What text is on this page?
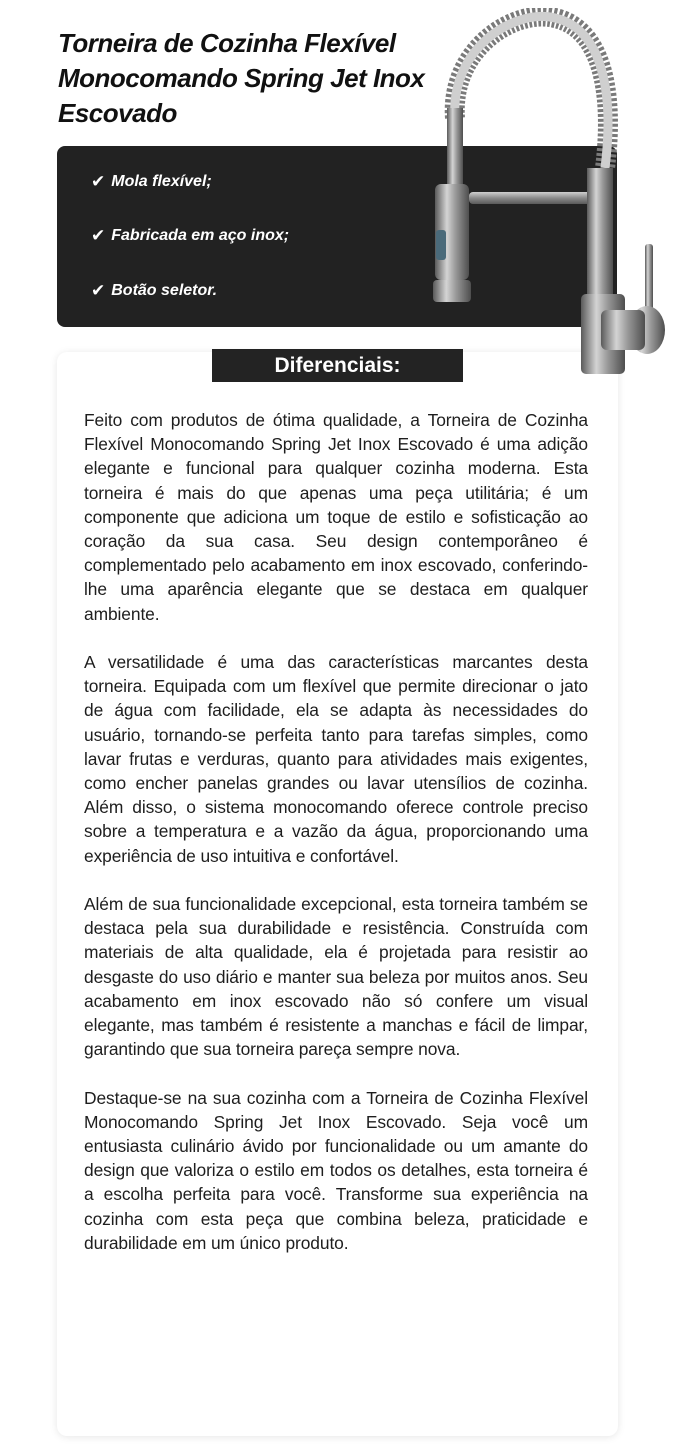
Torneira de Cozinha Flexível Monocomando Spring Jet Inox Escovado
✔ Mola flexível;
✔ Fabricada em aço inox;
✔ Botão seletor.
Diferenciais:

Feito com produtos de ótima qualidade, a Torneira de Cozinha Flexível Monocomando Spring Jet Inox Escovado é uma adição elegante e funcional para qualquer cozinha moderna. Esta torneira é mais do que apenas uma peça utilitária; é um componente que adiciona um toque de estilo e sofisticação ao coração da sua casa. Seu design contemporâneo é complementado pelo acabamento em inox escovado, conferindo-lhe uma aparência elegante que se destaca em qualquer ambiente.

A versatilidade é uma das características marcantes desta torneira. Equipada com um flexível que permite direcionar o jato de água com facilidade, ela se adapta às necessidades do usuário, tornando-se perfeita tanto para tarefas simples, como lavar frutas e verduras, quanto para atividades mais exigentes, como encher panelas grandes ou lavar utensílios de cozinha. Além disso, o sistema monocomando oferece controle preciso sobre a temperatura e a vazão da água, proporcionando uma experiência de uso intuitiva e confortável.

Além de sua funcionalidade excepcional, esta torneira também se destaca pela sua durabilidade e resistência. Construída com materiais de alta qualidade, ela é projetada para resistir ao desgaste do uso diário e manter sua beleza por muitos anos. Seu acabamento em inox escovado não só confere um visual elegante, mas também é resistente a manchas e fácil de limpar, garantindo que sua torneira pareça sempre nova.

Destaque-se na sua cozinha com a Torneira de Cozinha Flexível Monocomando Spring Jet Inox Escovado. Seja você um entusiasta culinário ávido por funcionalidade ou um amante do design que valoriza o estilo em todos os detalhes, esta torneira é a escolha perfeita para você. Transforme sua experiência na cozinha com esta peça que combina beleza, praticidade e durabilidade em um único produto.
